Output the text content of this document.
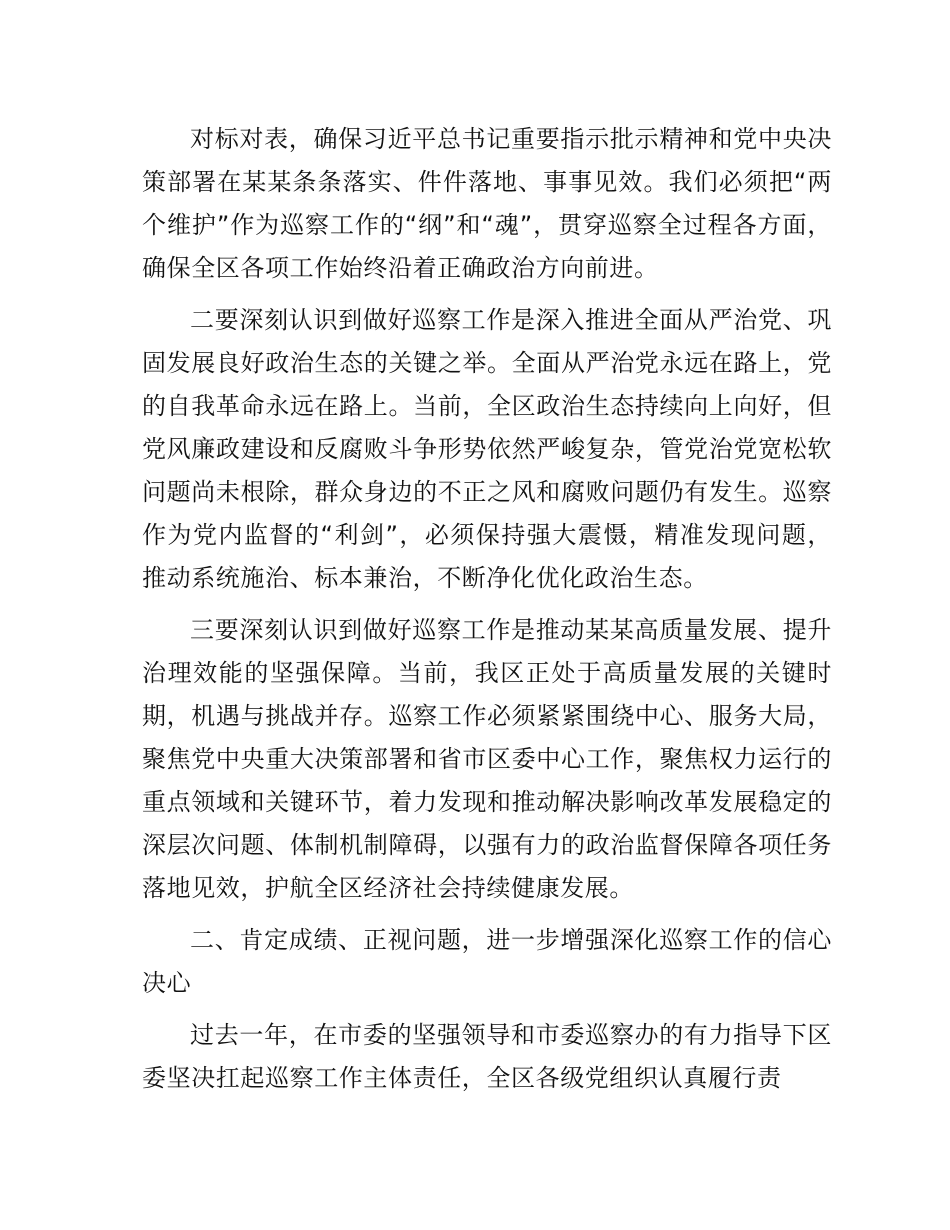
对标对表，确保习近平总书记重要指示批示精神和党中央决策部署在某某条条落实、件件落地、事事见效。我们必须把“两个维护”作为巡察工作的“纲”和“魂”，贯穿巡察全过程各方面，确保全区各项工作始终沿着正确政治方向前进。

二要深刻认识到做好巡察工作是深入推进全面从严治党、巩固发展良好政治生态的关键之举。全面从严治党永远在路上，党的自我革命永远在路上。当前，全区政治生态持续向上向好，但党风廉政建设和反腐败斗争形势依然严峻复杂，管党治党宽松软问题尚未根除，群众身边的不正之风和腐败问题仍有发生。巡察作为党内监督的“利剑”，必须保持强大震慑，精准发现问题，推动系统施治、标本兼治，不断净化优化政治生态。

三要深刻认识到做好巡察工作是推动某某高质量发展、提升治理效能的坚强保障。当前，我区正处于高质量发展的关键时期，机遇与挑战并存。巡察工作必须紧紧围绕中心、服务大局，聚焦党中央重大决策部署和省市区委中心工作，聚焦权力运行的重点领域和关键环节，着力发现和推动解决影响改革发展稳定的深层次问题、体制机制障碍，以强有力的政治监督保障各项任务落地见效，护航全区经济社会持续健康发展。

二、肯定成绩、正视问题，进一步增强深化巡察工作的信心决心

过去一年，在市委的坚强领导和市委巡察办的有力指导下区委坚决扛起巡察工作主体责任，全区各级党组织认真履行责
